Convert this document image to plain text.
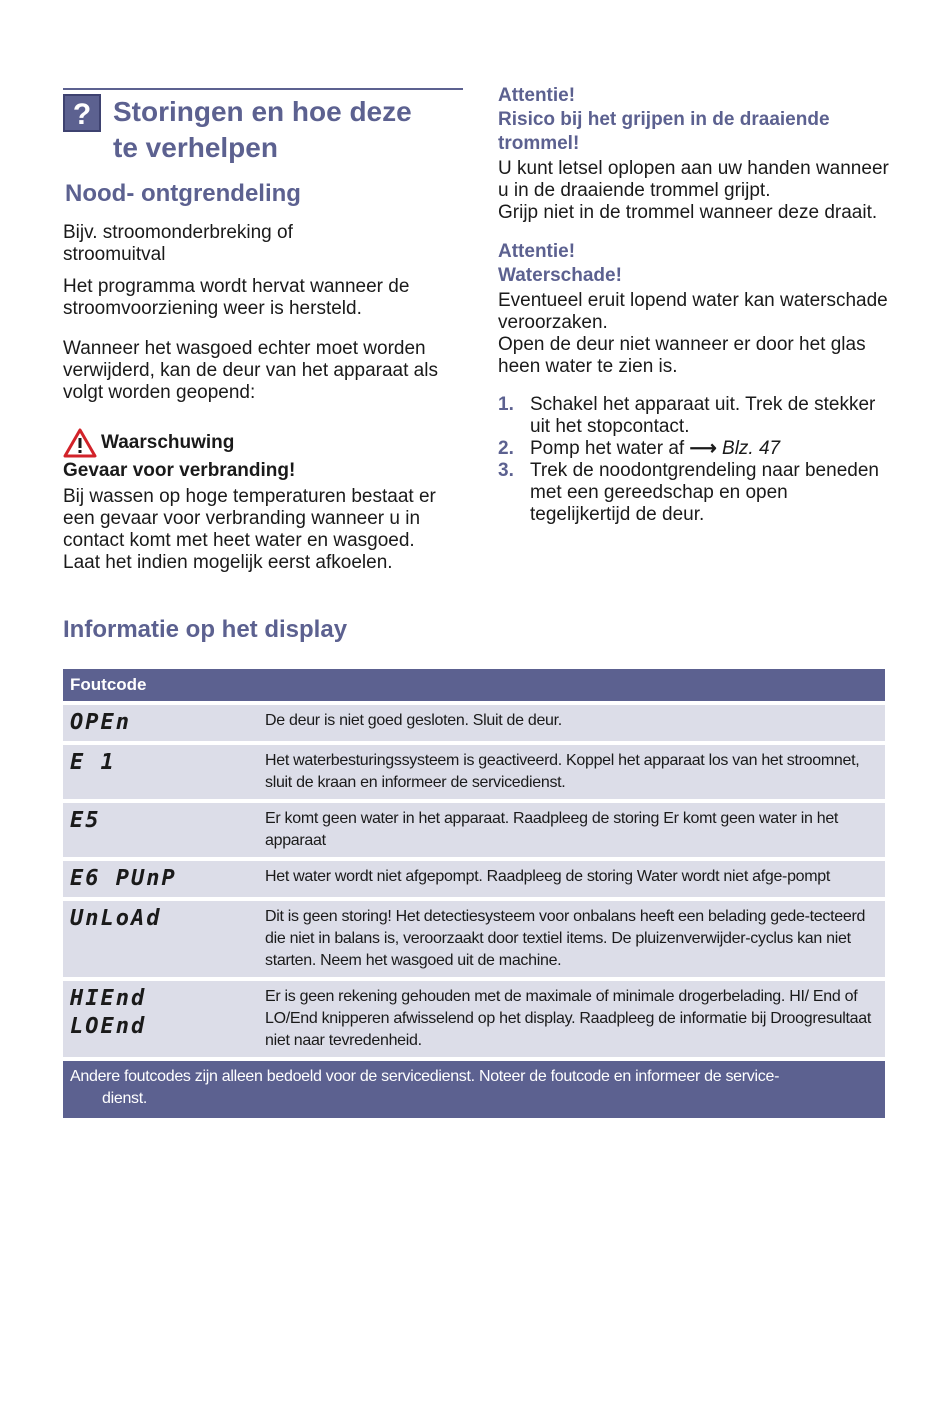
? Storingen en hoe deze
te verhelpen
Nood- ontgrendeling

Bijv. stroomonderbreking of stroomuitval

Het programma wordt hervat wanneer de stroomvoorziening weer is hersteld.

Wanneer het wasgoed echter moet worden verwijderd, kan de deur van het apparaat als volgt worden geopend:

Waarschuwing

Gevaar voor verbranding!

Bij wassen op hoge temperaturen bestaat er een gevaar voor verbranding wanneer u in contact komt met heet water en wasgoed.

Laat het indien mogelijk eerst afkoelen.

Attentie!
Risico bij het grijpen in de draaiende trommel!

U kunt letsel oplopen aan uw handen wanneer u in de draaiende trommel grijpt.

Grijp niet in de trommel wanneer deze draait.

Attentie!
Waterschade!

Eventueel eruit lopend water kan waterschade veroorzaken.

Open de deur niet wanneer er door het glas heen water te zien is.

1. Schakel het apparaat uit. Trek de stekker uit het stopcontact.
2. Pomp het water af ⟶ Blz. 47
3. Trek de noodontgrendeling naar beneden met een gereedschap en open tegelijkertijd de deur.
Informatie op het display
Foutcode
OPEn	De deur is niet goed gesloten. Sluit de deur.
E 1	Het waterbesturingssysteem is geactiveerd. Koppel het apparaat los van het stroomnet, sluit de kraan en informeer de servicedienst.
E5	Er komt geen water in het apparaat. Raadpleeg de storing Er komt geen water in het apparaat
E6 PUnP	Het water wordt niet afgepompt. Raadpleeg de storing Water wordt niet afge-pompt
UnLoAd	Dit is geen storing! Het detectiesysteem voor onbalans heeft een belading gede-tecteerd die niet in balans is, veroorzaakt door textiel items. De pluizenverwijder-cyclus kan niet starten. Neem het wasgoed uit de machine.
HIEnd
LOEnd
Er is geen rekening gehouden met de maximale of minimale drogerbelading. HI/ End of LO/End knipperen afwisselend op het display. Raadpleeg de informatie bij Droogresultaat niet naar tevredenheid.
Andere foutcodes zijn alleen bedoeld voor de servicedienst. Noteer de foutcode en informeer de service-
dienst.
